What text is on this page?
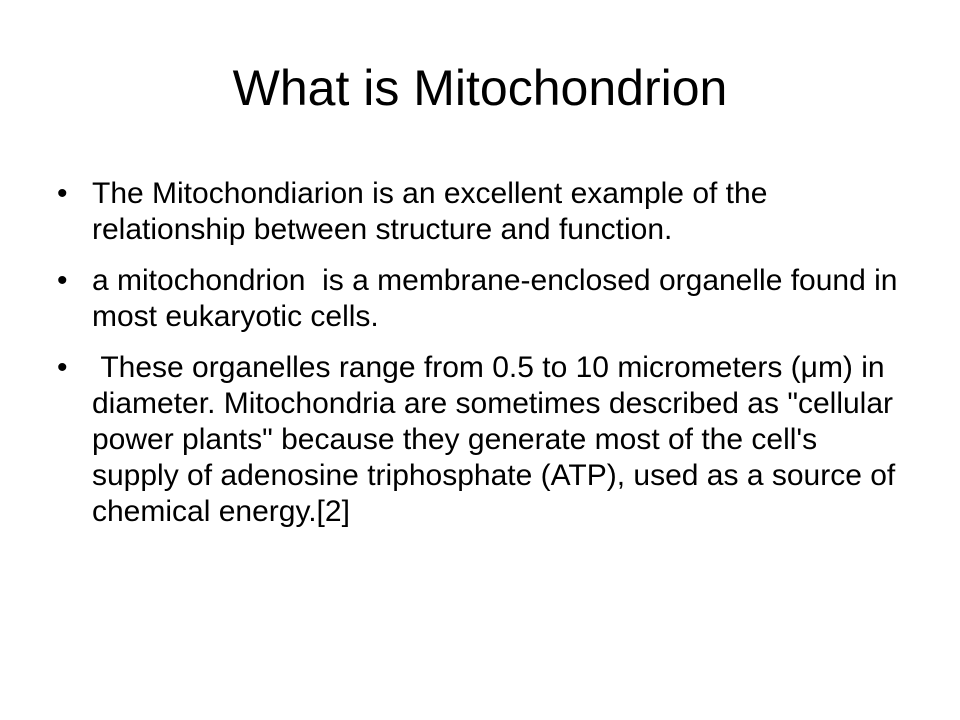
What is Mitochondrion
• The Mitochondiarion is an excellent example of the relationship between structure and function.
• a mitochondrion  is a membrane-enclosed organelle found in most eukaryotic cells.
• These organelles range from 0.5 to 10 micrometers (μm) in diameter. Mitochondria are sometimes described as "cellular power plants" because they generate most of the cell's supply of adenosine triphosphate (ATP), used as a source of chemical energy.[2]
